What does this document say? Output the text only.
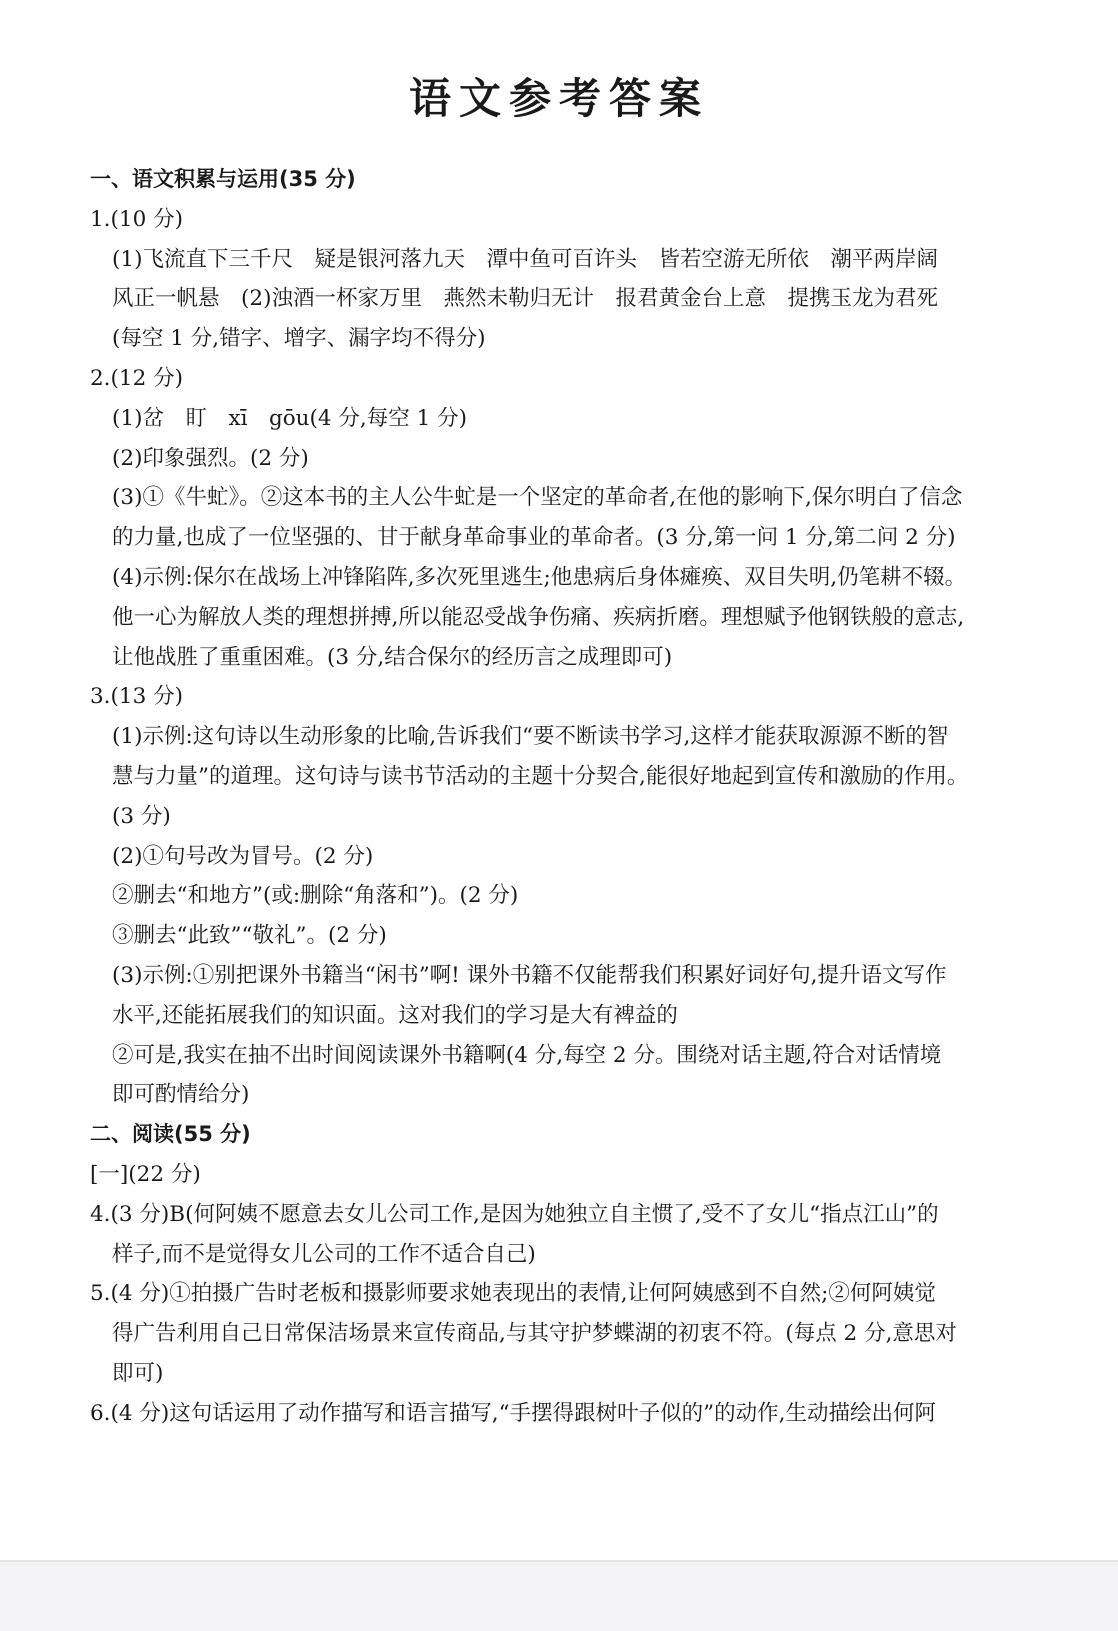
语文参考答案

一、语文积累与运用(35 分)

1.(10 分)

(1)飞流直下三千尺　疑是银河落九天　潭中鱼可百许头　皆若空游无所依　潮平两岸阔

风正一帆悬　(2)浊酒一杯家万里　燕然未勒归无计　报君黄金台上意　提携玉龙为君死

(每空 1 分,错字、增字、漏字均不得分)

2.(12 分)

(1)岔　盯　xī　gōu(4 分,每空 1 分)

(2)印象强烈。(2 分)

(3)①《牛虻》。②这本书的主人公牛虻是一个坚定的革命者,在他的影响下,保尔明白了信念

的力量,也成了一位坚强的、甘于献身革命事业的革命者。(3 分,第一问 1 分,第二问 2 分)

(4)示例:保尔在战场上冲锋陷阵,多次死里逃生;他患病后身体瘫痪、双目失明,仍笔耕不辍。

他一心为解放人类的理想拼搏,所以能忍受战争伤痛、疾病折磨。理想赋予他钢铁般的意志,

让他战胜了重重困难。(3 分,结合保尔的经历言之成理即可)

3.(13 分)

(1)示例:这句诗以生动形象的比喻,告诉我们“要不断读书学习,这样才能获取源源不断的智

慧与力量”的道理。这句诗与读书节活动的主题十分契合,能很好地起到宣传和激励的作用。

(3 分)

(2)①句号改为冒号。(2 分)

②删去“和地方”(或:删除“角落和”)。(2 分)

③删去“此致”“敬礼”。(2 分)

(3)示例:①别把课外书籍当“闲书”啊! 课外书籍不仅能帮我们积累好词好句,提升语文写作

水平,还能拓展我们的知识面。这对我们的学习是大有裨益的

②可是,我实在抽不出时间阅读课外书籍啊(4 分,每空 2 分。围绕对话主题,符合对话情境

即可酌情给分)

二、阅读(55 分)

[一](22 分)

4.(3 分)B(何阿姨不愿意去女儿公司工作,是因为她独立自主惯了,受不了女儿“指点江山”的

样子,而不是觉得女儿公司的工作不适合自己)

5.(4 分)①拍摄广告时老板和摄影师要求她表现出的表情,让何阿姨感到不自然;②何阿姨觉

得广告利用自己日常保洁场景来宣传商品,与其守护梦蝶湖的初衷不符。(每点 2 分,意思对

即可)

6.(4 分)这句话运用了动作描写和语言描写,“手摆得跟树叶子似的”的动作,生动描绘出何阿
